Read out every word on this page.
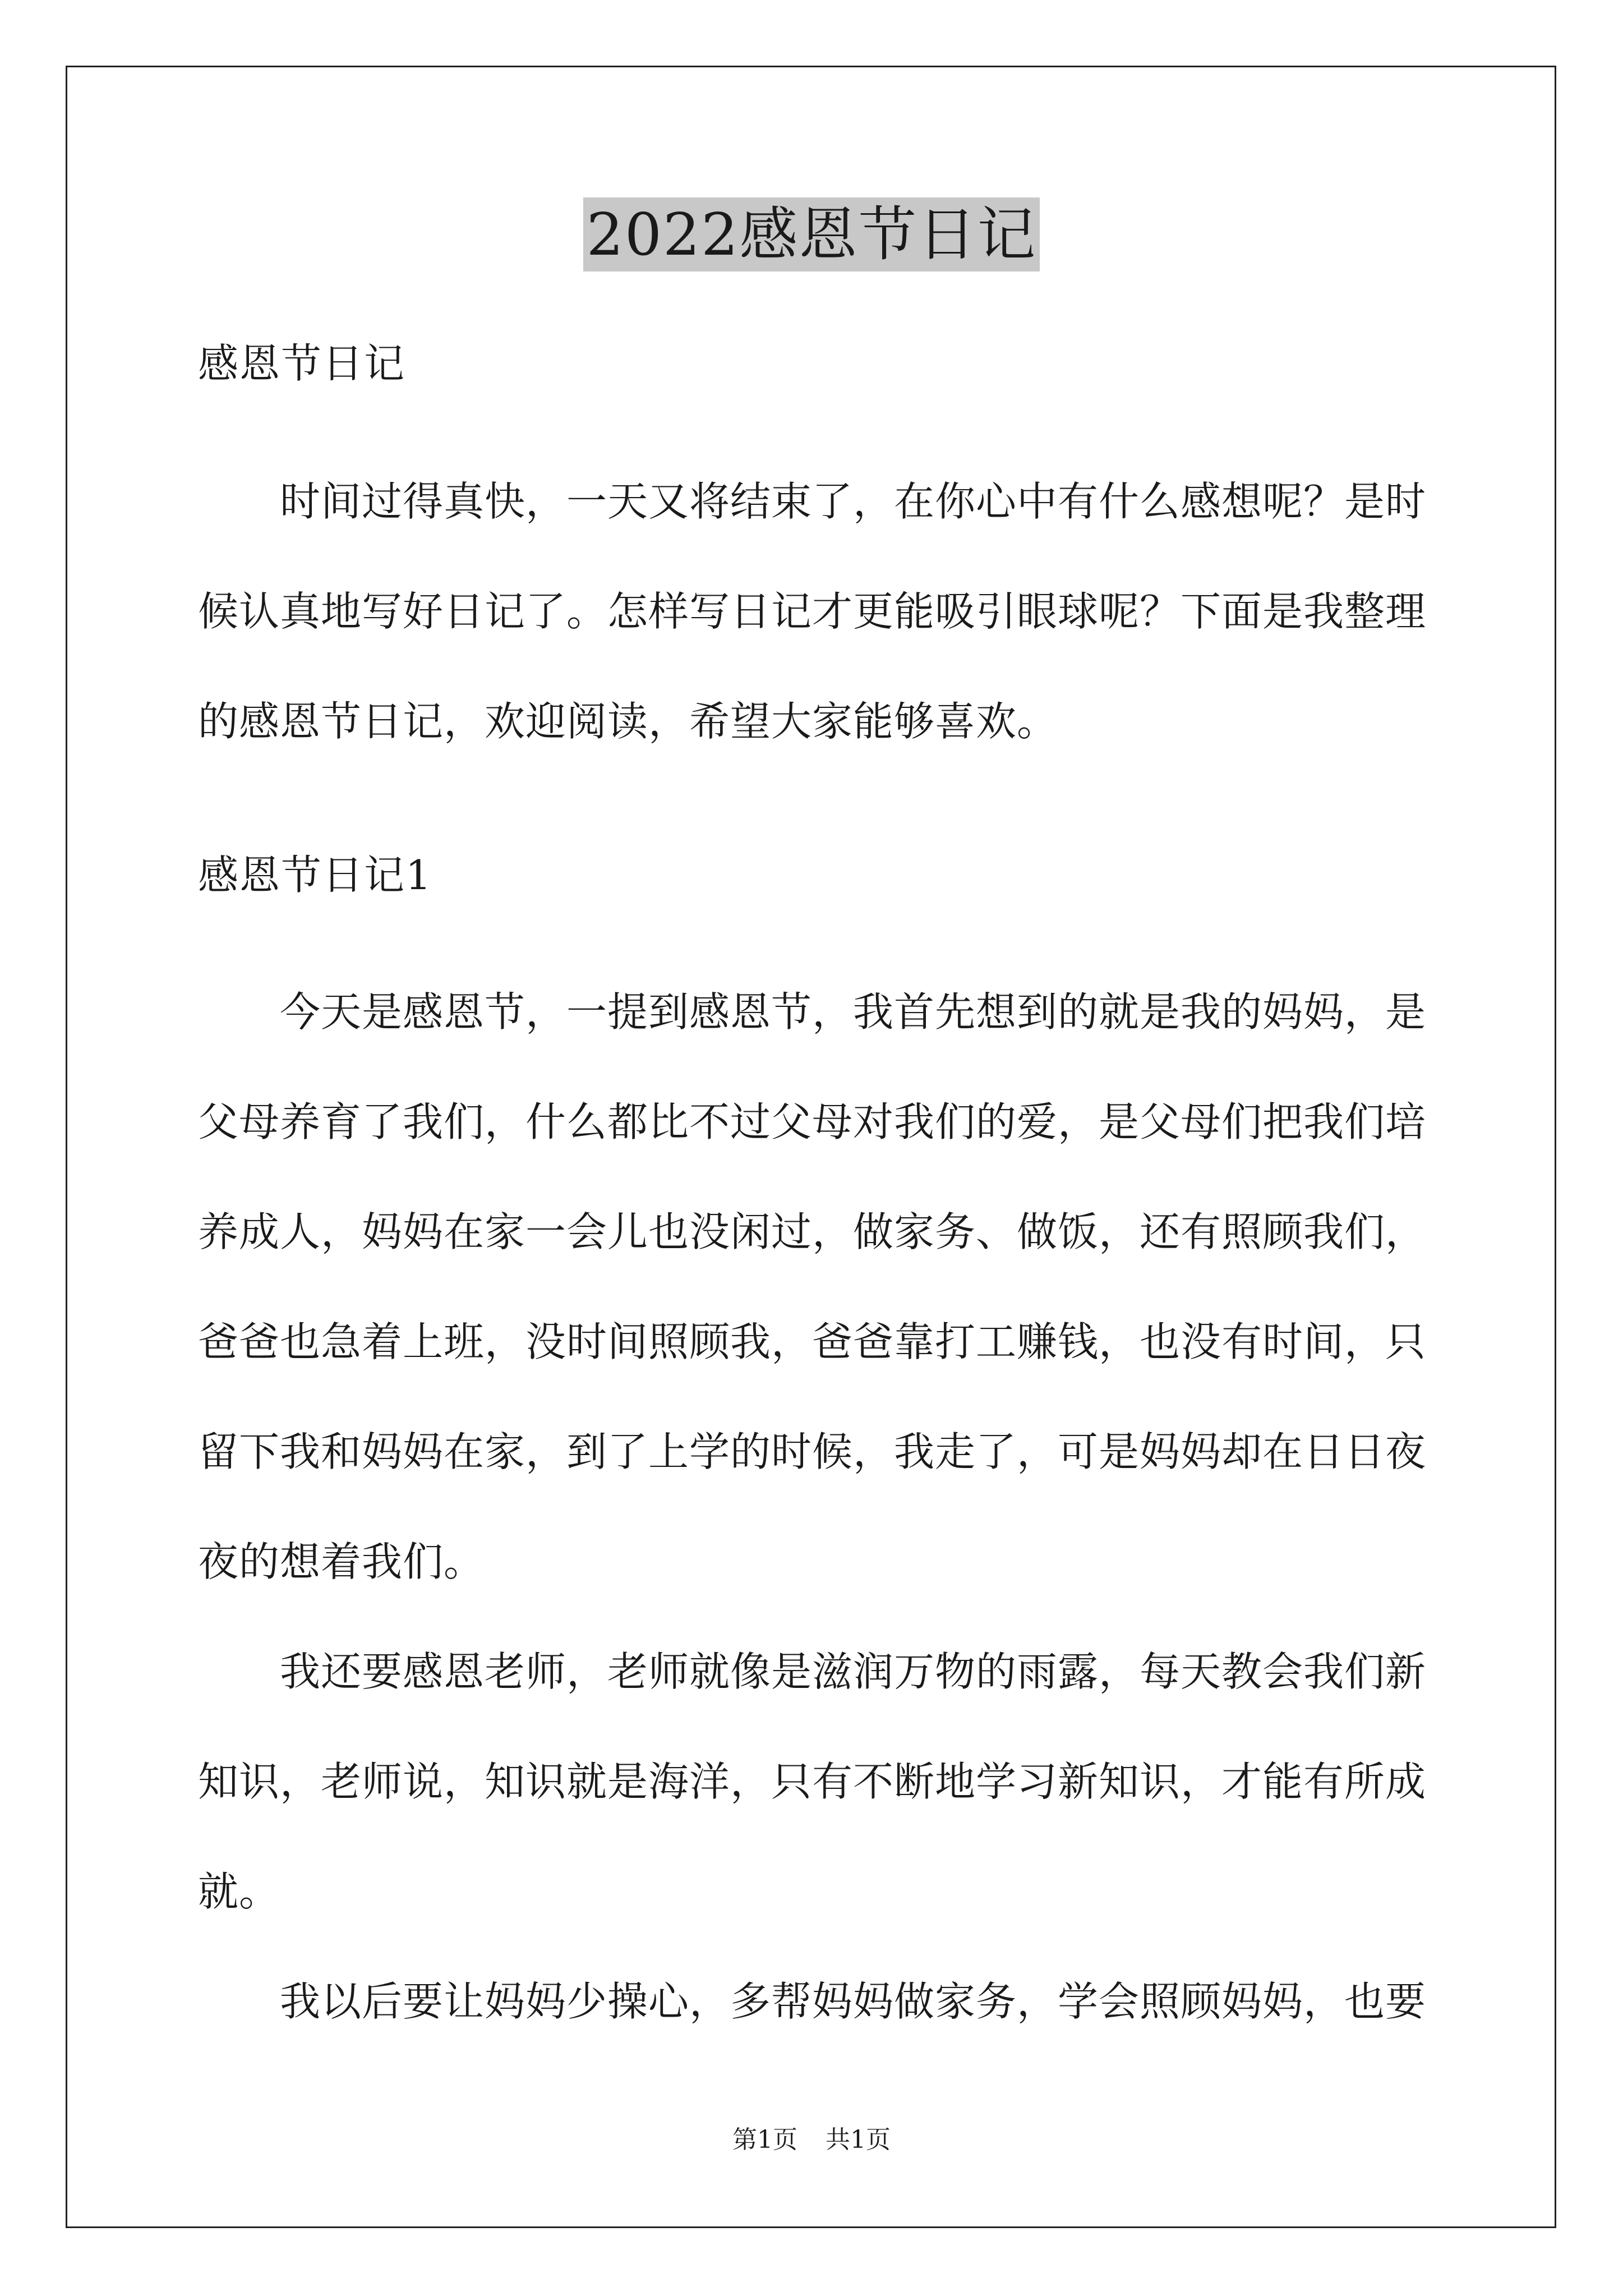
2022感恩节日记

感恩节日记

时间过得真快，一天又将结束了，在你心中有什么感想呢？是时候认真地写好日记了。怎样写日记才更能吸引眼球呢？下面是我整理的感恩节日记，欢迎阅读，希望大家能够喜欢。

感恩节日记1

今天是感恩节，一提到感恩节，我首先想到的就是我的妈妈，是父母养育了我们，什么都比不过父母对我们的爱，是父母们把我们培养成人，妈妈在家一会儿也没闲过，做家务、做饭，还有照顾我们，爸爸也急着上班，没时间照顾我，爸爸靠打工赚钱，也没有时间，只留下我和妈妈在家，到了上学的时候，我走了，可是妈妈却在日日夜夜的想着我们。

我还要感恩老师，老师就像是滋润万物的雨露，每天教会我们新知识，老师说，知识就是海洋，只有不断地学习新知识，才能有所成就。

我以后要让妈妈少操心，多帮妈妈做家务，学会照顾妈妈，也要

第1页 共1页
